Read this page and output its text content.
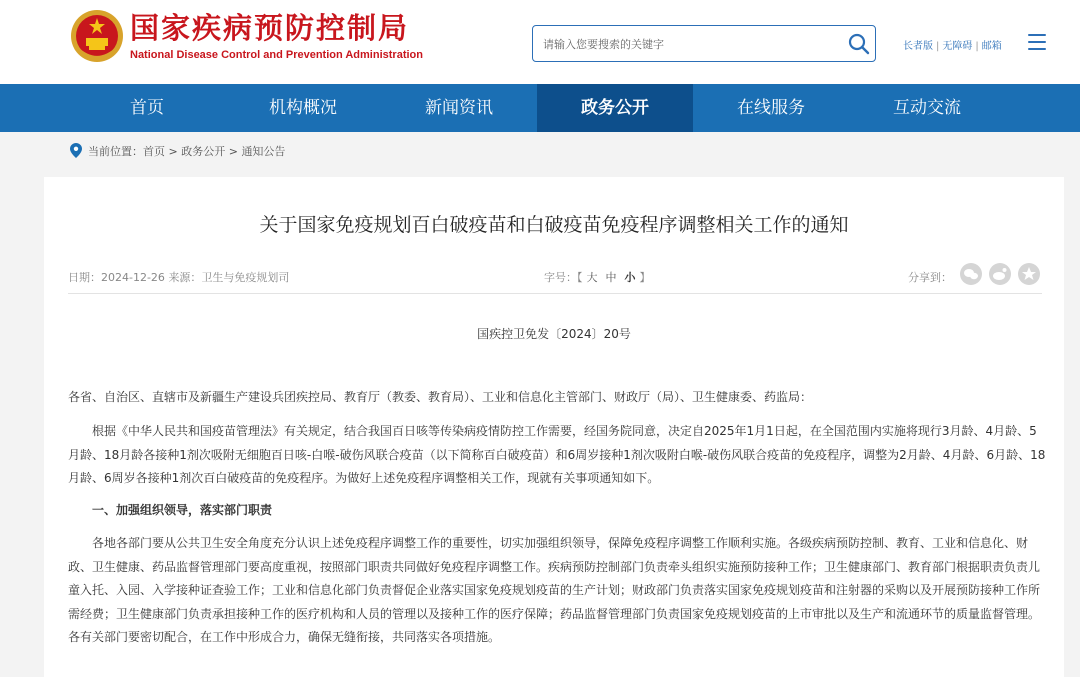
国家疾病预防控制局
National Disease Control and Prevention Administration
请输入您要搜索的关键字
长者版 | 无障碍 | 邮箱
首页	机构概况	新闻资讯	政务公开	在线服务	互动交流
当前位置：首页 > 政务公开 > 通知公告
关于国家免疫规划百白破疫苗和白破疫苗免疫程序调整相关工作的通知
日期：2024-12-26 来源：卫生与免疫规划司	字号：【 大 中 小 】	分享到：
国疾控卫免发〔2024〕20号

各省、自治区、直辖市及新疆生产建设兵团疾控局、教育厅（教委、教育局）、工业和信息化主管部门、财政厅（局）、卫生健康委、药监局：

根据《中华人民共和国疫苗管理法》有关规定，结合我国百日咳等传染病疫情防控工作需要，经国务院同意，决定自2025年1月1日起，在全国范围内实施将现行3月龄、4月龄、5月龄、18月龄各接种1剂次吸附无细胞百日咳-白喉-破伤风联合疫苗（以下简称百白破疫苗）和6周岁接种1剂次吸附白喉-破伤风联合疫苗的免疫程序，调整为2月龄、4月龄、6月龄、18月龄、6周岁各接种1剂次百白破疫苗的免疫程序。为做好上述免疫程序调整相关工作，现就有关事项通知如下。

一、加强组织领导，落实部门职责

各地各部门要从公共卫生安全角度充分认识上述免疫程序调整工作的重要性，切实加强组织领导，保障免疫程序调整工作顺利实施。各级疾病预防控制、教育、工业和信息化、财政、卫生健康、药品监督管理部门要高度重视，按照部门职责共同做好免疫程序调整工作。疾病预防控制部门负责牵头组织实施预防接种工作；卫生健康部门、教育部门根据职责负责儿童入托、入园、入学接种证查验工作；工业和信息化部门负责督促企业落实国家免疫规划疫苗的生产计划；财政部门负责落实国家免疫规划疫苗和注射器的采购以及开展预防接种工作所需经费；卫生健康部门负责承担接种工作的医疗机构和人员的管理以及接种工作的医疗保障；药品监督管理部门负责国家免疫规划疫苗的上市审批以及生产和流通环节的质量监督管理。各有关部门要密切配合，在工作中形成合力，确保无缝衔接，共同落实各项措施。
